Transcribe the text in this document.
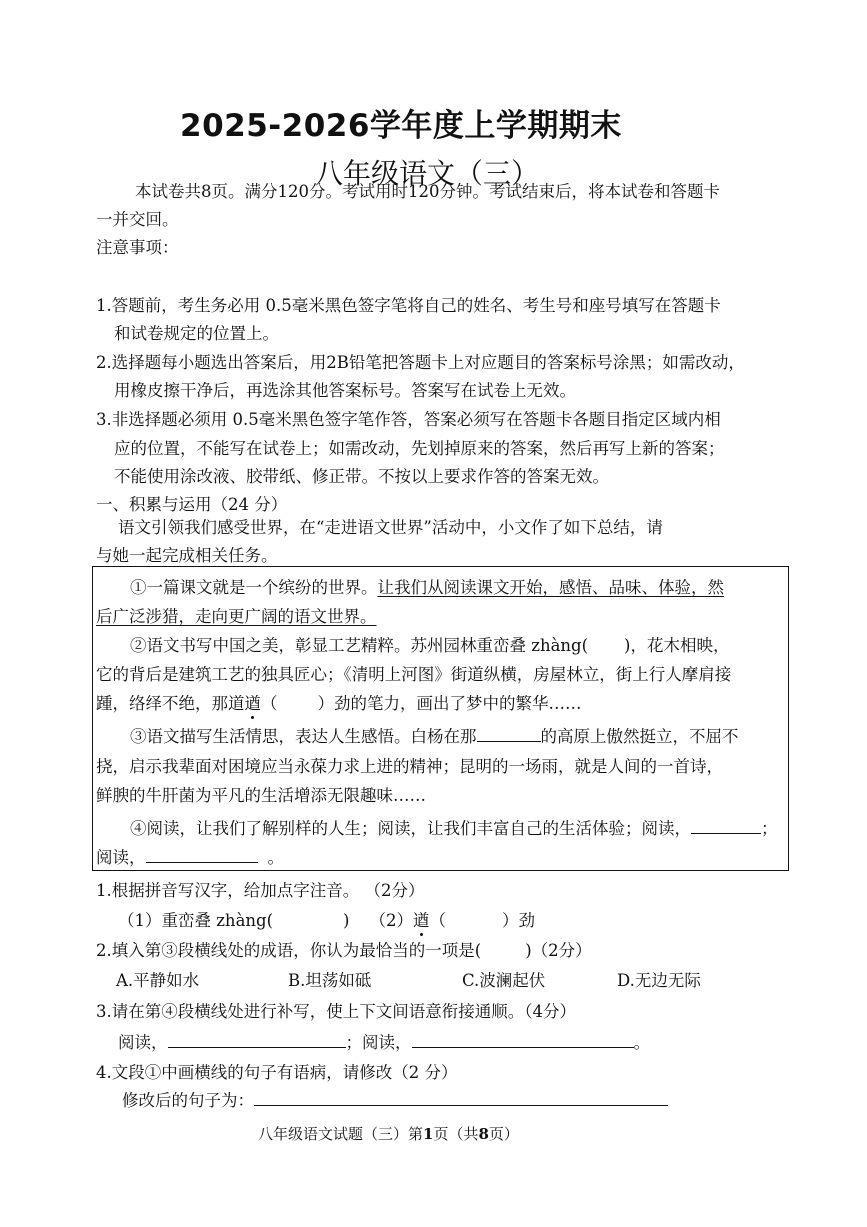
2025-2026学年度上学期期末
八年级语文（三）
本试卷共8页。满分120分。考试用时120分钟。考试结束后，将本试卷和答题卡
一并交回。
注意事项：
1.答题前，考生务必用 0.5毫米黑色签字笔将自己的姓名、考生号和座号填写在答题卡
和试卷规定的位置上。
2.选择题每小题选出答案后，用2B铅笔把答题卡上对应题目的答案标号涂黑；如需改动，
用橡皮擦干净后，再选涂其他答案标号。答案写在试卷上无效。
3.非选择题必须用 0.5毫米黑色签字笔作答，答案必须写在答题卡各题目指定区域内相
应的位置，不能写在试卷上；如需改动，先划掉原来的答案，然后再写上新的答案；
不能使用涂改液、胶带纸、修正带。不按以上要求作答的答案无效。
一、积累与运用（24 分）
语文引领我们感受世界，在“走进语文世界”活动中，小文作了如下总结，请
与她一起完成相关任务。
①一篇课文就是一个缤纷的世界。让我们从阅读课文开始，感悟、品味、体验，然
后广泛涉猎，走向更广阔的语文世界。
②语文书写中国之美，彰显工艺精粹。苏州园林重峦叠 zhàng( )，花木相映，
它的背后是建筑工艺的独具匠心；《清明上河图》街道纵横，房屋林立，街上行人摩肩接
踵，络绎不绝，那道遒（ ）劲的笔力，画出了梦中的繁华……
③语文描写生活情思，表达人生感悟。白杨在那	的高原上傲然挺立，不屈不
挠，启示我辈面对困境应当永葆力求上进的精神；昆明的一场雨，就是人间的一首诗，
鲜腴的牛肝菌为平凡的生活增添无限趣味……
④阅读，让我们了解别样的人生；阅读，让我们丰富自己的生活体验；阅读，	；
阅读，	。
1.根据拼音写汉字，给加点字注音。 （2分）
（1）重峦叠 zhàng(	) （2）遒（	）劲
2.填入第③段横线处的成语，你认为最恰当的一项是(	)（2分）
A.平静如水	B.坦荡如砥	C.波澜起伏	D.无边无际
3.请在第④段横线处进行补写，使上下文间语意衔接通顺。（4分）
阅读，	；阅读，	。
4.文段①中画横线的句子有语病，请修改（2 分）
修改后的句子为：
八年级语文试题（三）第1页（共8页）
